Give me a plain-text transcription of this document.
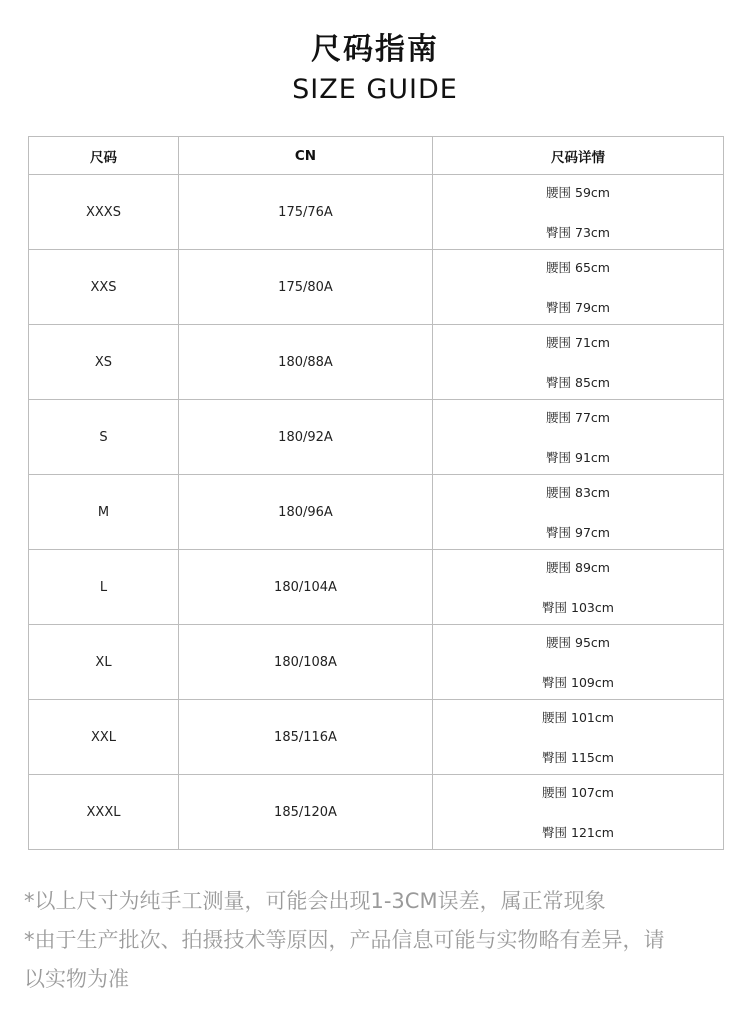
尺码指南
SIZE GUIDE
尺码	CN	尺码详情
XXXS	175/76A	腰围 59cm
臀围 73cm

XXS	175/80A	腰围 65cm
臀围 79cm

XS	180/88A	腰围 71cm
臀围 85cm

S	180/92A	腰围 77cm
臀围 91cm

M	180/96A	腰围 83cm
臀围 97cm

L	180/104A	腰围 89cm
臀围 103cm

XL	180/108A	腰围 95cm
臀围 109cm

XXL	185/116A	腰围 101cm
臀围 115cm

XXXL	185/120A	腰围 107cm
臀围 121cm
*以上尺寸为纯手工测量，可能会出现1-3CM误差，属正常现象
*由于生产批次、拍摄技术等原因，产品信息可能与实物略有差异，请
以实物为准
